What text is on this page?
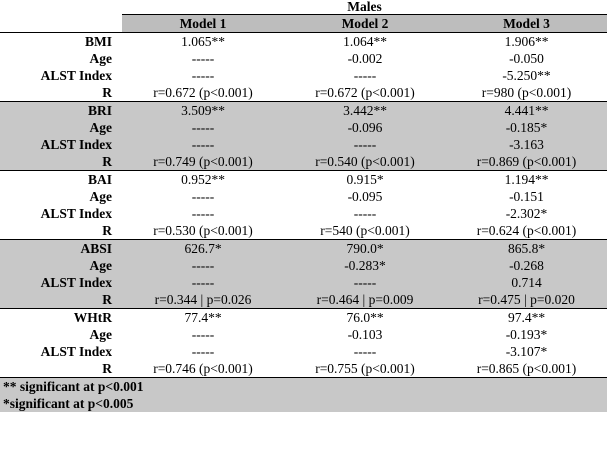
	Males		
	Model 1	Model 2	Model 3
BMI	1.065**	1.064**	1.906**
Age	-----	-0.002	-0.050
ALST Index	-----	-----	-5.250**
R	r=0.672 (p<0.001)	r=0.672 (p<0.001)	r=980 (p<0.001)
BRI	3.509**	3.442**	4.441**
Age	-----	-0.096	-0.185*
ALST Index	-----	-----	-3.163
R	r=0.749 (p<0.001)	r=0.540 (p<0.001)	r=0.869 (p<0.001)
BAI	0.952**	0.915*	1.194**
Age	-----	-0.095	-0.151
ALST Index	-----	-----	-2.302*
R	r=0.530 (p<0.001)	r=540 (p<0.001)	r=0.624 (p<0.001)
ABSI	626.7*	790.0*	865.8*
Age	-----	-0.283*	-0.268
ALST Index	-----	-----	0.714
R	r=0.344 | p=0.026	r=0.464 | p=0.009	r=0.475 | p=0.020
WHtR	77.4**	76.0**	97.4**
Age	-----	-0.103	-0.193*
ALST Index	-----	-----	-3.107*
R	r=0.746 (p<0.001)	r=0.755 (p<0.001)	r=0.865 (p<0.001)
** significant at p<0.001			
*significant at p<0.005			
